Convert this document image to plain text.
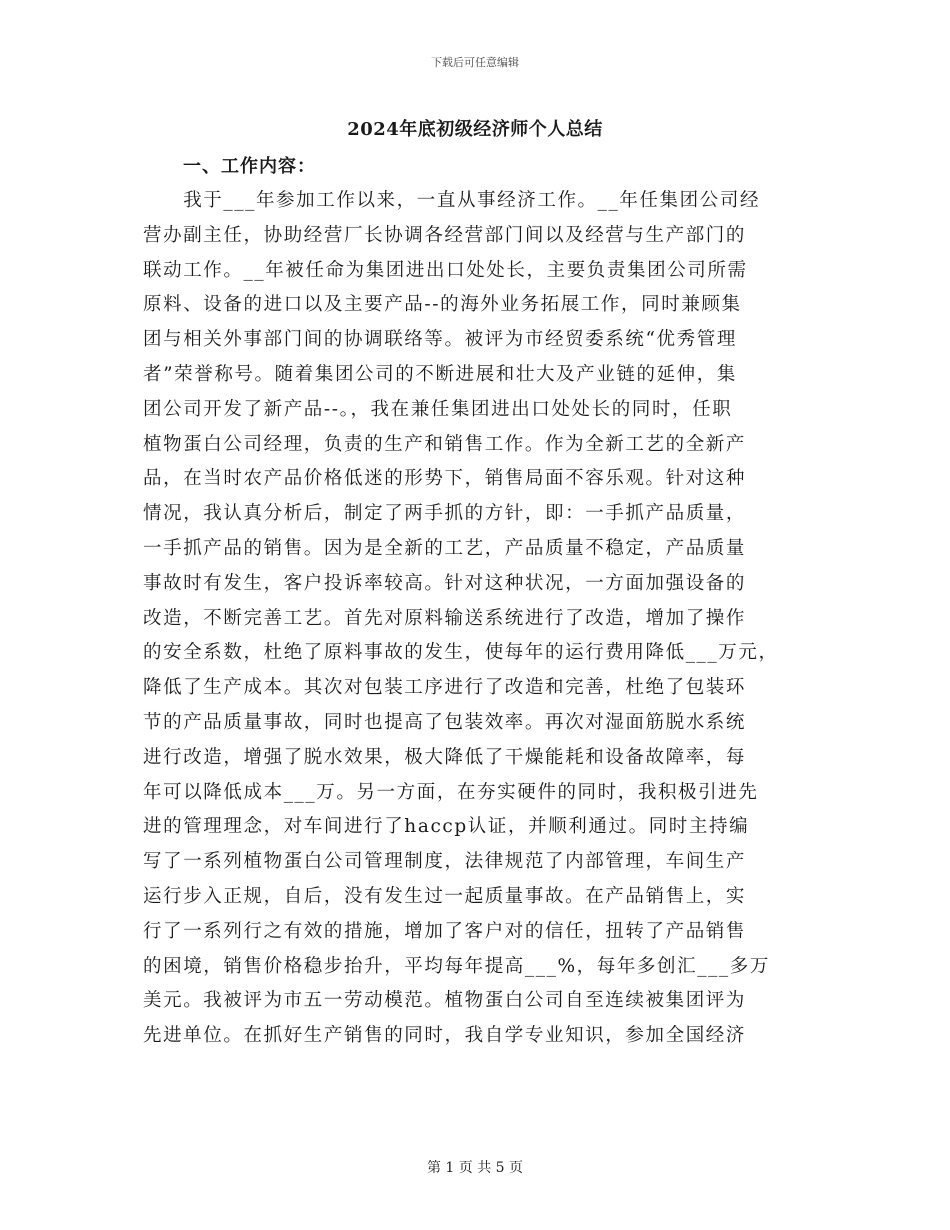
下载后可任意编辑
2024年底初级经济师个人总结
一、工作内容：
　　我于___年参加工作以来，一直从事经济工作。__年任集团公司经
营办副主任，协助经营厂长协调各经营部门间以及经营与生产部门的
联动工作。__年被任命为集团进出口处处长，主要负责集团公司所需
原料、设备的进口以及主要产品--的海外业务拓展工作，同时兼顾集
团与相关外事部门间的协调联络等。被评为市经贸委系统“优秀管理
者”荣誉称号。随着集团公司的不断进展和壮大及产业链的延伸，集
团公司开发了新产品--。，我在兼任集团进出口处处长的同时，任职
植物蛋白公司经理，负责的生产和销售工作。作为全新工艺的全新产
品，在当时农产品价格低迷的形势下，销售局面不容乐观。针对这种
情况，我认真分析后，制定了两手抓的方针，即：一手抓产品质量，
一手抓产品的销售。因为是全新的工艺，产品质量不稳定，产品质量
事故时有发生，客户投诉率较高。针对这种状况，一方面加强设备的
改造，不断完善工艺。首先对原料输送系统进行了改造，增加了操作
的安全系数，杜绝了原料事故的发生，使每年的运行费用降低___万元，
降低了生产成本。其次对包装工序进行了改造和完善，杜绝了包装环
节的产品质量事故，同时也提高了包装效率。再次对湿面筋脱水系统
进行改造，增强了脱水效果，极大降低了干燥能耗和设备故障率，每
年可以降低成本___万。另一方面，在夯实硬件的同时，我积极引进先
进的管理理念，对车间进行了haccp认证，并顺利通过。同时主持编
写了一系列植物蛋白公司管理制度，法律规范了内部管理，车间生产
运行步入正规，自后，没有发生过一起质量事故。在产品销售上，实
行了一系列行之有效的措施，增加了客户对的信任，扭转了产品销售
的困境，销售价格稳步抬升，平均每年提高___%，每年多创汇___多万
美元。我被评为市五一劳动模范。植物蛋白公司自至连续被集团评为
先进单位。在抓好生产销售的同时，我自学专业知识，参加全国经济
第 1 页 共 5 页
